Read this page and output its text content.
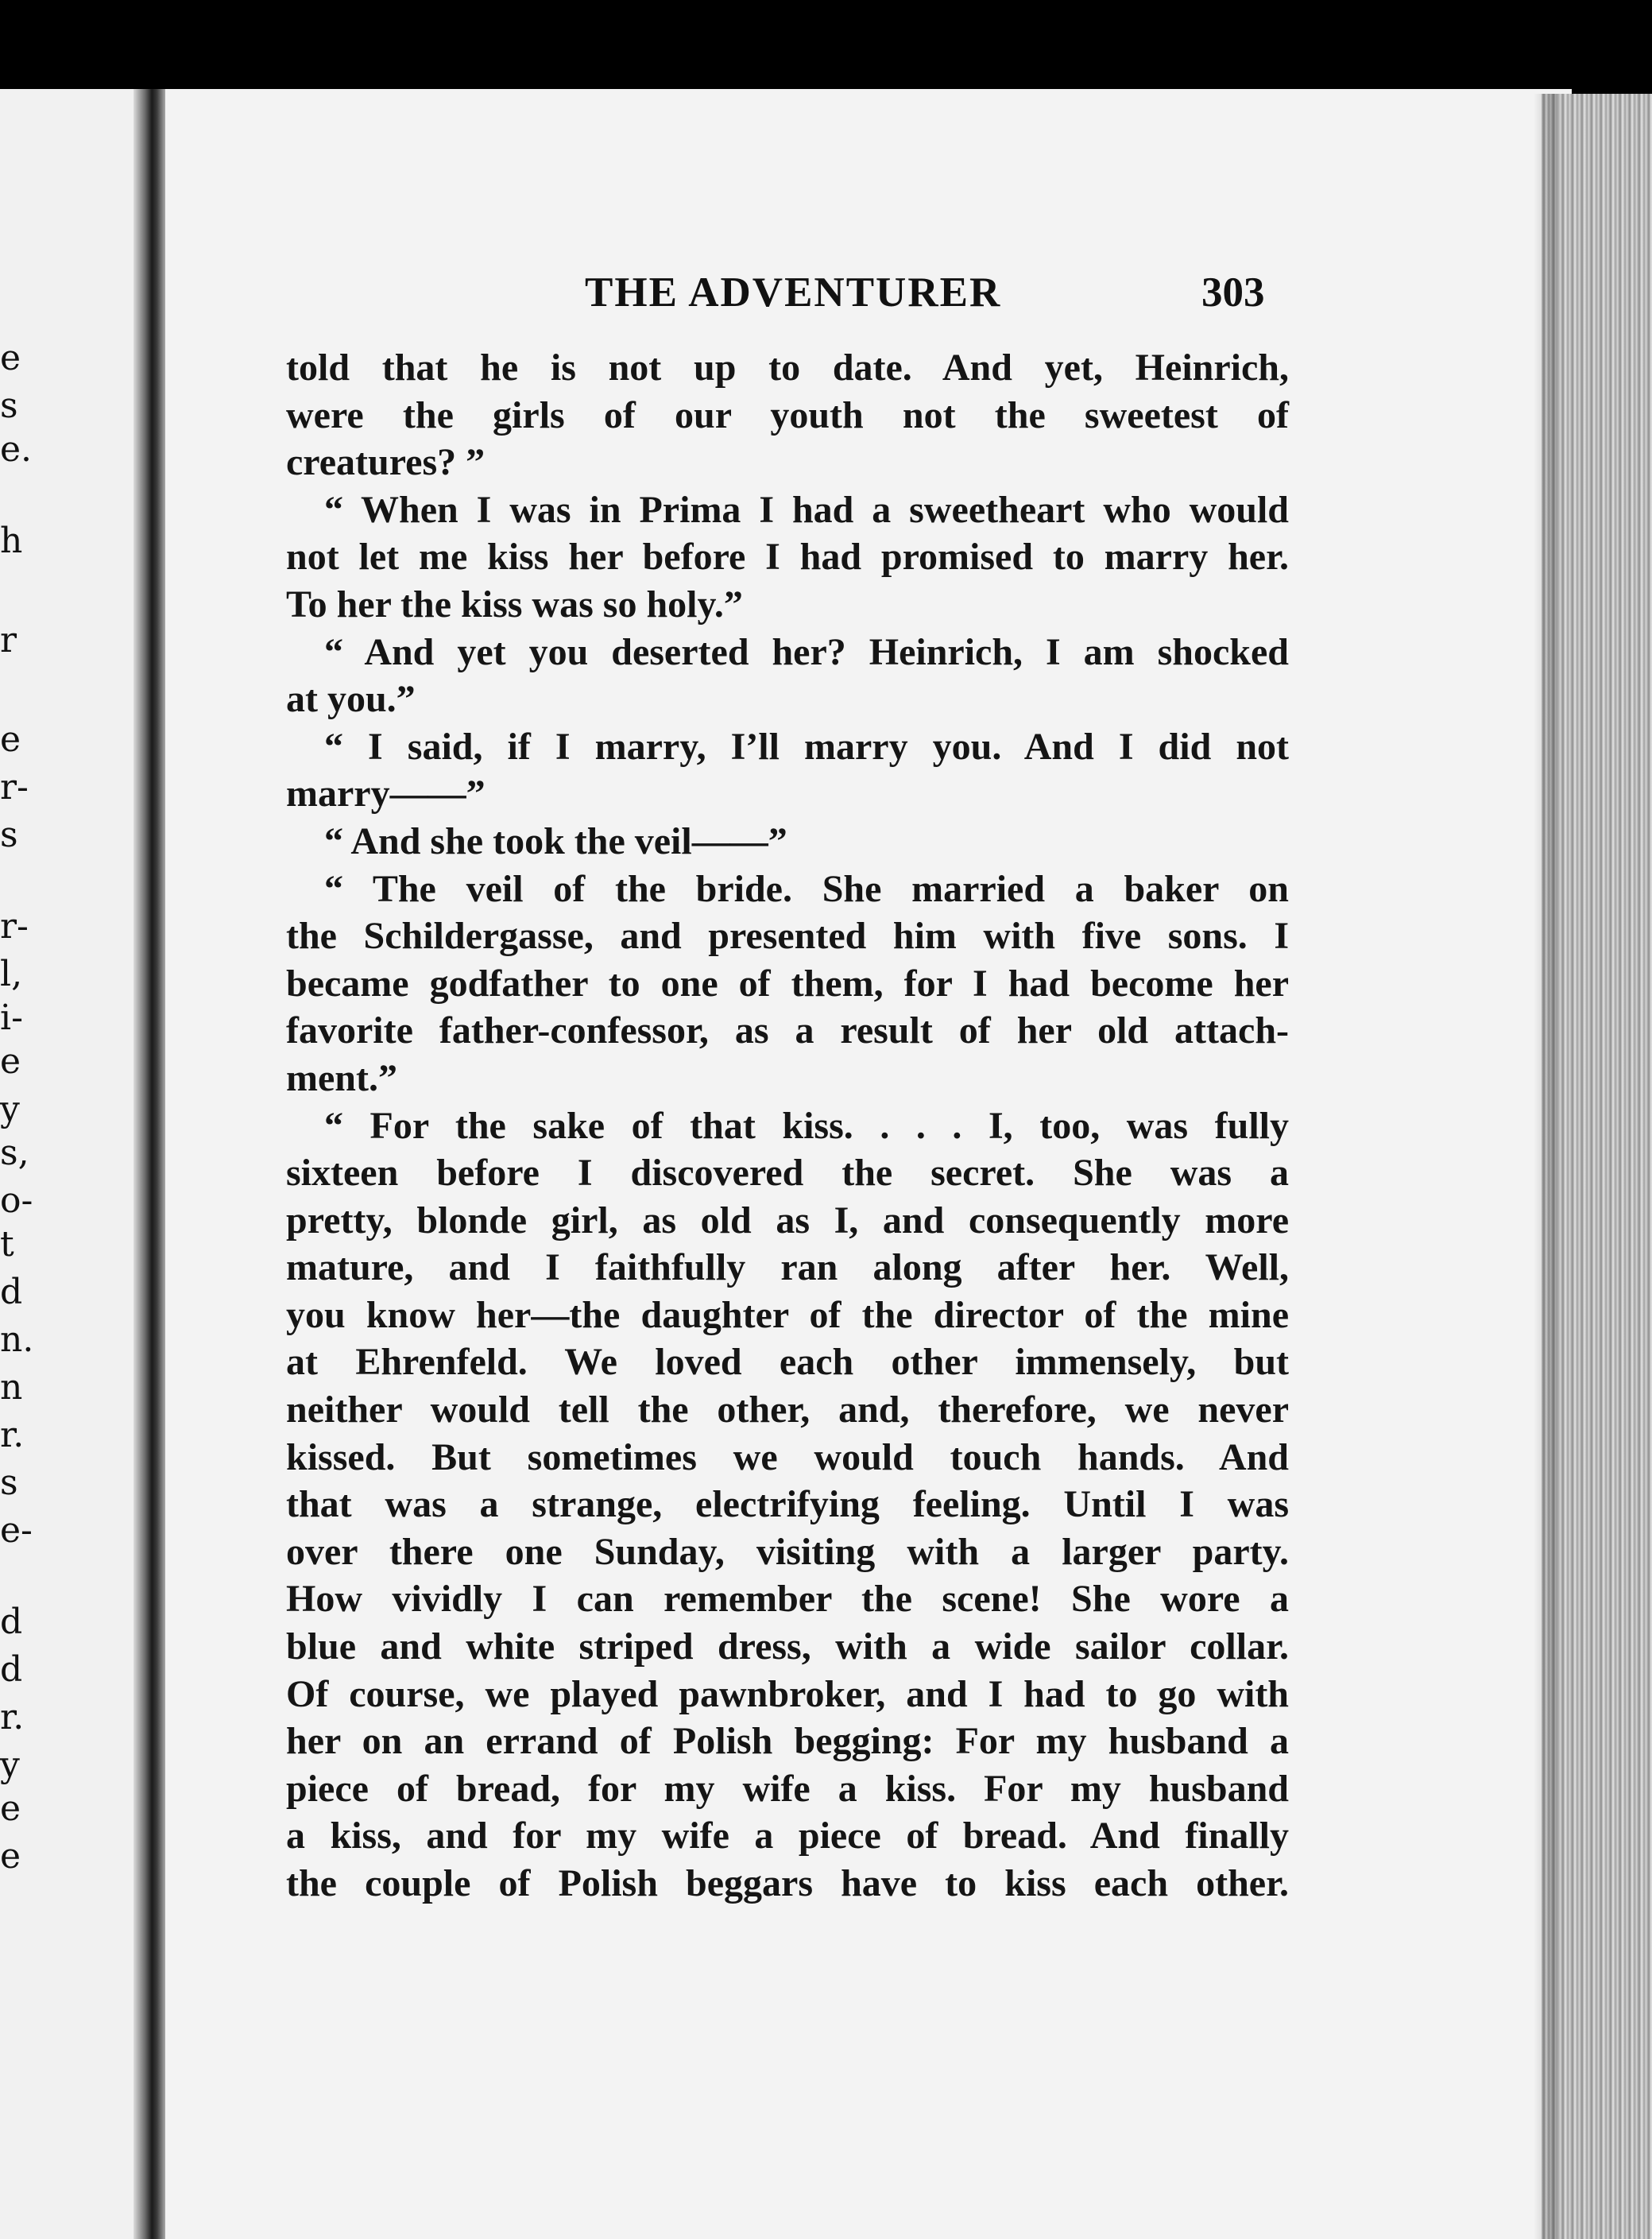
e
s
e.
h
r
e
r-
s
r-
l,
i-
e
y
s,
o-
t
d
n.
n
r.
s
e-
d
d
r.
y
e
e
THE ADVENTURER	303
told that he is not up to date. And yet, Heinrich,
were the girls of our youth not the sweetest of
creatures? ”
“ When I was in Prima I had a sweetheart who would
not let me kiss her before I had promised to marry her.
To her the kiss was so holy.”
“ And yet you deserted her? Heinrich, I am shocked
at you.”
“ I said, if I marry, I’ll marry you. And I did not
marry——”
“ And she took the veil——”
“ The veil of the bride. She married a baker on
the Schildergasse, and presented him with five sons. I
became godfather to one of them, for I had become her
favorite father-confessor, as a result of her old attach-
ment.”
“ For the sake of that kiss. . . . I, too, was fully
sixteen before I discovered the secret. She was a
pretty, blonde girl, as old as I, and consequently more
mature, and I faithfully ran along after her. Well,
you know her—the daughter of the director of the mine
at Ehrenfeld. We loved each other immensely, but
neither would tell the other, and, therefore, we never
kissed. But sometimes we would touch hands. And
that was a strange, electrifying feeling. Until I was
over there one Sunday, visiting with a larger party.
How vividly I can remember the scene! She wore a
blue and white striped dress, with a wide sailor collar.
Of course, we played pawnbroker, and I had to go with
her on an errand of Polish begging: For my husband a
piece of bread, for my wife a kiss. For my husband
a kiss, and for my wife a piece of bread. And finally
the couple of Polish beggars have to kiss each other.
